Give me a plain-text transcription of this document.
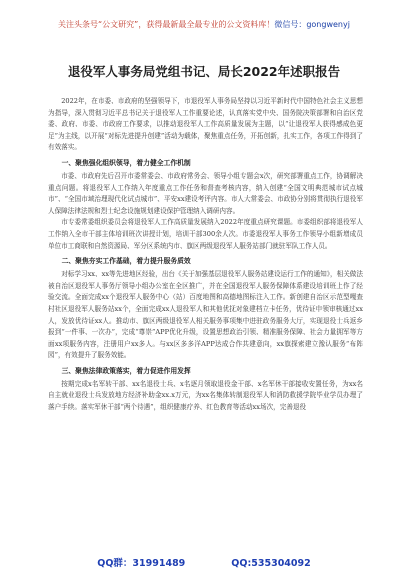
关注头条号“公文研究”，获得最新最全最专业的公文资料库！微信号：gongwenyj
退役军人事务局党组书记、局长2022年述职报告

2022年，在市委、市政府的坚强领导下，市退役军人事务局坚持以习近平新时代中国特色社会主义思想为指导，深入贯彻习近平总书记关于退役军人工作重要论述，认真落实党中央、国务院决策部署和自治区党委、政府、市委、市政府工作要求，以推动退役军人工作高质量发展为主题，以“让退役军人获得感成色更足”为主线，以开展“对标先进提升创建”活动为载体，聚焦重点任务，开拓创新，扎实工作，各项工作得到了有效落实。

一、聚焦强化组织领导，着力健全工作机制

市委、市政府先后召开市委常委会、市政府常务会、领导小组专题会x次，研究部署重点工作，协调解决重点问题。将退役军人工作纳入年度重点工作任务和督查考核内容，纳入创建“全国文明典范城市试点城市”、“全国市域治理现代化试点城市”、平安xx建设考评内容。市人大常委会、市政协分别将贯彻执行退役军人保障法律法规和烈士纪念设施规划建设保护管理纳入调研内容。

市专委常委组织委员会将退役军人工作高质量发展纳入2022年度重点研究课题。市委组织部将退役军人工作纳入全市干部主体培训班次讲授计划，培训干部300余人次。市委退役军人事务工作领导小组新增成员单位市工商联和自然资源局、军分区系统内市、旗区两级退役军人服务站部门就驻军队工作人员。

二、聚焦夯实工作基础，着力提升服务质效

对标学习xx、xx等先进地区经验，出台《关于加强基层退役军人服务站建设运行工作的通知》，相关做法被自治区退役军人事务厅领导小组办公室在全区推广，并在全国退役军人服务保障体系建设培训班上作了经验交流。全面完成xx个退役军人服务中心（站）百度地图和高德地图标注入工作。新创建自治区示范型嘎查村社区退役军人服务站xx个，全面完成xx人退役军人和其他优抚对象建档立卡任务，优待证申领审核通过xx人，发放优待证xx人。推动市、旗区两级退役军人相关服务事项集中进驻政务服务大厅，实现退役士兵返乡报到“一件事、一次办”，完成“尊崇”APP优化升级，设置思想政治引领、精准服务保障、社会力量拥军等方面xx项服务内容，注册用户xx多人。与xx区多多洋APP达成合作共建意向，xx旗探索建立豫认服务“布阵园”，有效提升了服务效能。

三、聚焦法律政策落实，着力促进作用发挥

按期完成x名军转干部、xx名退役士兵、x名逐月领取退役金干部、x名军休干部接收安置任务，为xx名自主就业退役士兵发放地方经济补助金xx.x万元，为xx名集体转制退役军人和消防救援学院毕业学员办理了落户手续。落实军休干部“两个待遇”，组织健康疗养、红色教育等活动xx场次，完善退役

QQ群：31991489	QQ:535304092
